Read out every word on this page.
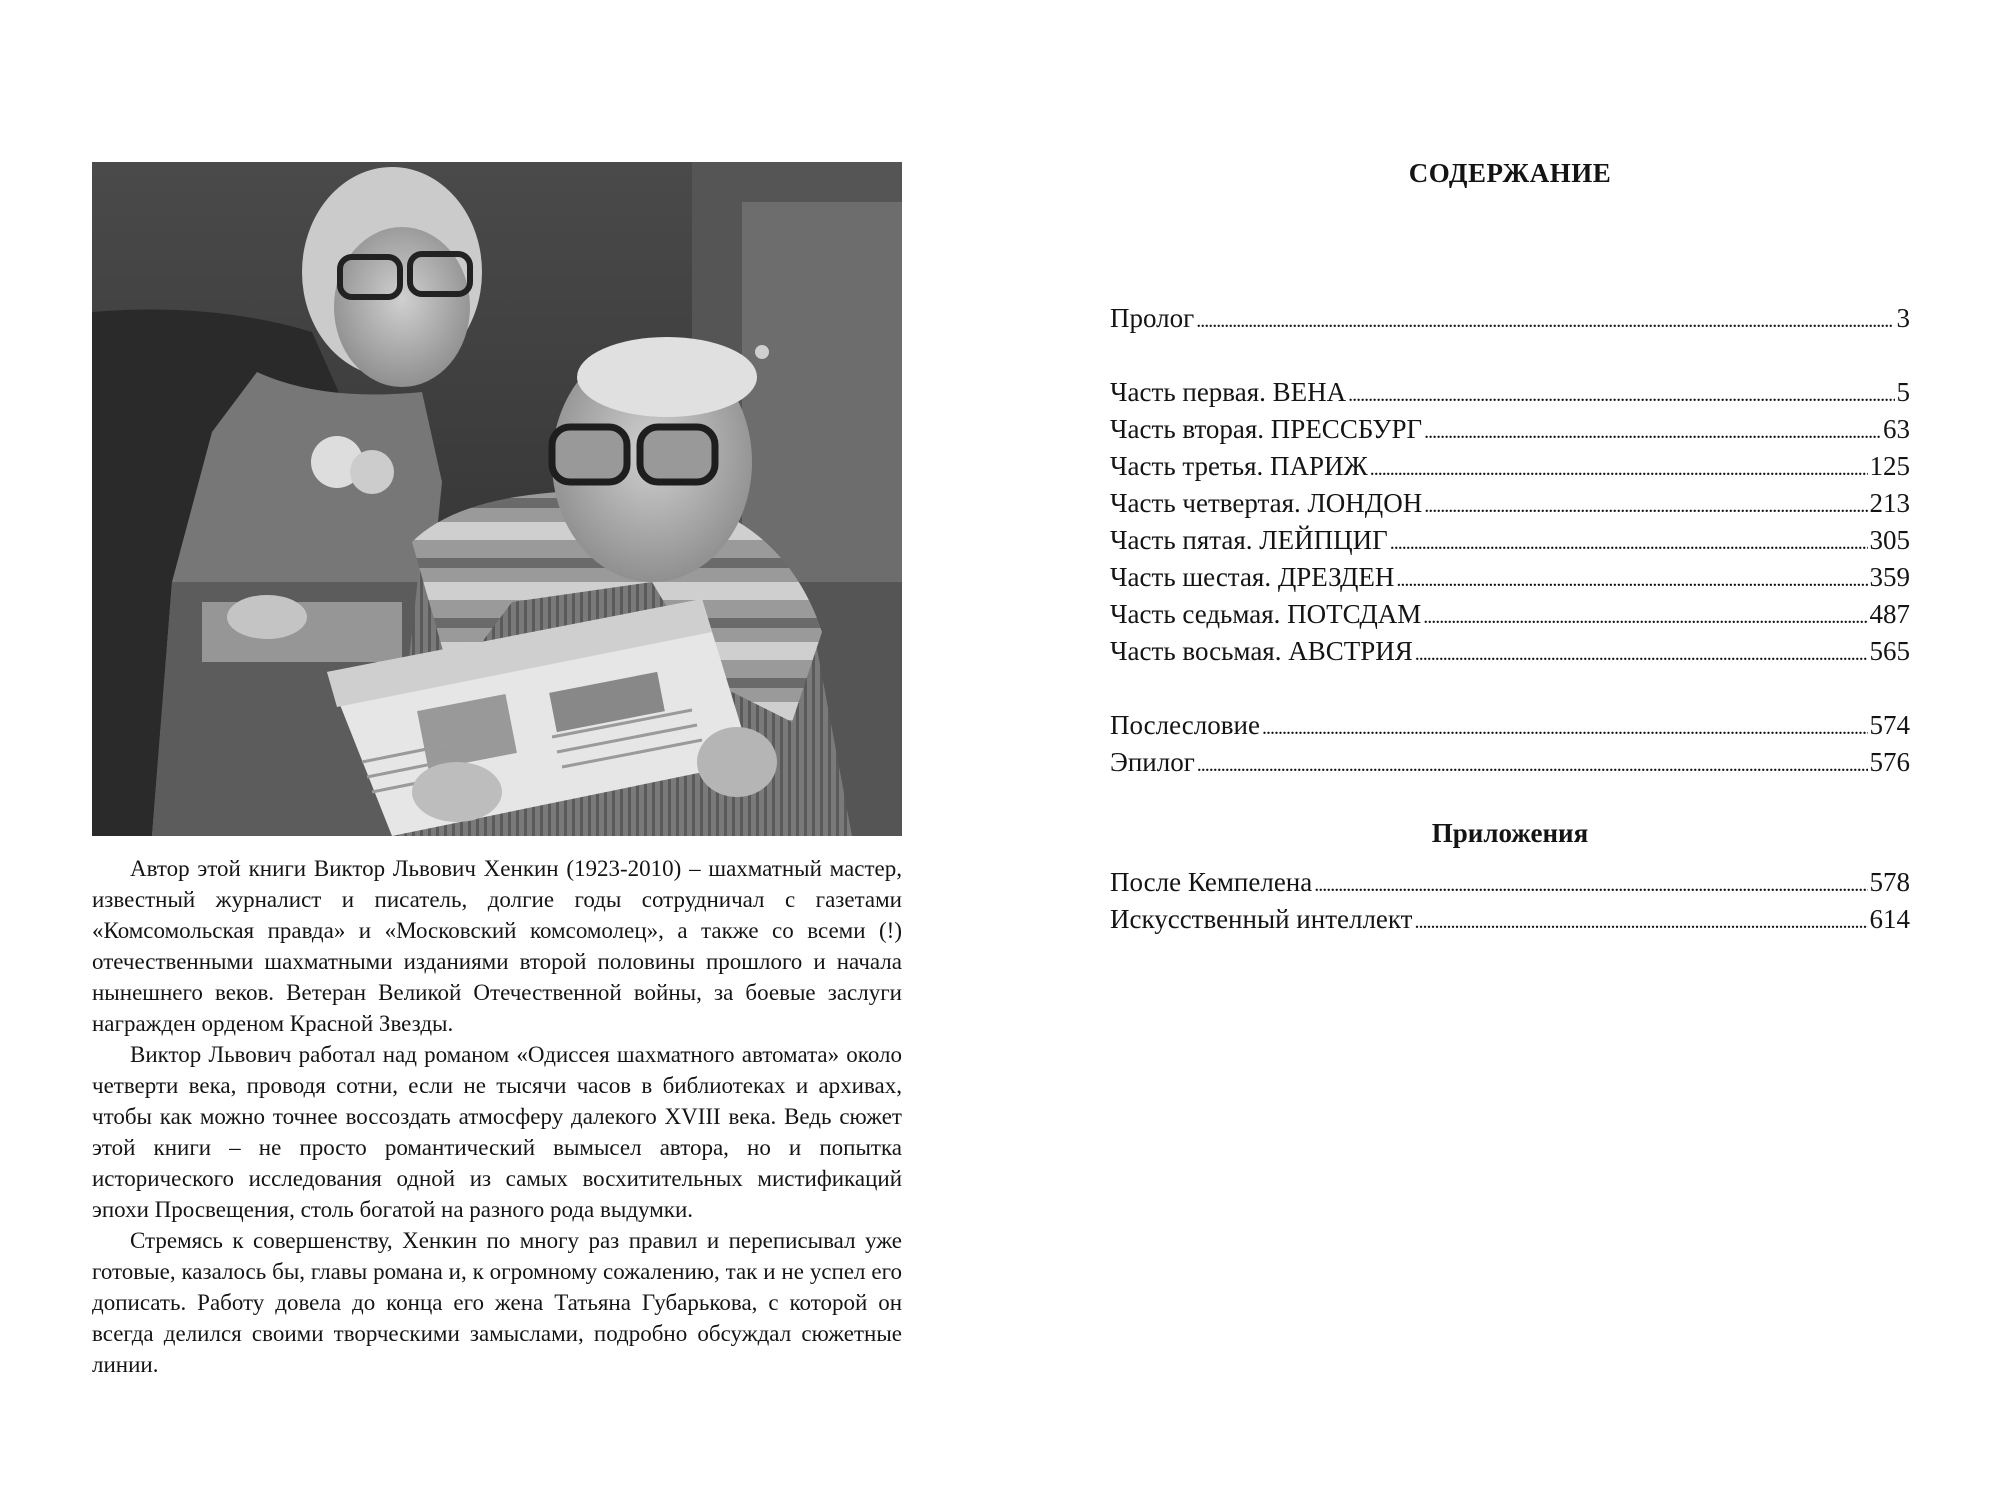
Автор этой книги Виктор Львович Хенкин (1923-2010) – шахматный мастер, известный журналист и писатель, долгие годы сотрудничал с газетами «Комсомольская правда» и «Московский комсомолец», а также со всеми (!) отечественными шахматными изданиями второй половины прошлого и начала нынешнего веков. Ветеран Великой Отечественной войны, за боевые заслуги награжден орденом Красной Звезды.

Виктор Львович работал над романом «Одиссея шахматного автомата» около четверти века, проводя сотни, если не тысячи часов в библиотеках и архивах, чтобы как можно точнее воссоздать атмосферу далекого XVIII века. Ведь сюжет этой книги – не просто романтический вымысел автора, но и попытка исторического исследования одной из самых восхитительных мистификаций эпохи Просвещения, столь богатой на разного рода выдумки.

Стремясь к совершенству, Хенкин по многу раз правил и переписывал уже готовые, казалось бы, главы романа и, к огромному сожалению, так и не успел его дописать. Работу довела до конца его жена Татьяна Губарькова, с которой он всегда делился своими творческими замыслами, подробно обсуждал сюжетные линии.

СОДЕРЖАНИЕ
Пролог . . .	3
Часть первая. ВЕНА . . .	5
Часть вторая. ПРЕССБУРГ . . .	63
Часть третья. ПАРИЖ . . .	125
Часть четвертая. ЛОНДОН . . .	213
Часть пятая. ЛЕЙПЦИГ . . .	305
Часть шестая. ДРЕЗДЕН . . .	359
Часть седьмая. ПОТСДАМ . . .	487
Часть восьмая. АВСТРИЯ . . .	565
Послесловие . . .	574
Эпилог . . .	576
Приложения
После Кемпелена . . .	578
Искусственный интеллект . . .	614
